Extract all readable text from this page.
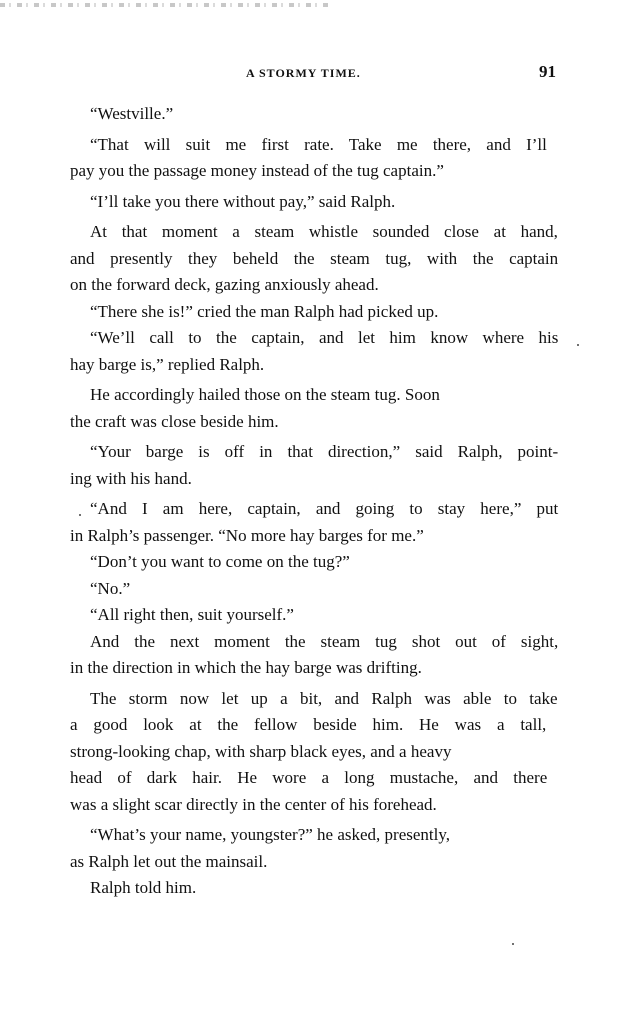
A STORMY TIME.	91

“Westville.”

“That will suit me first rate. Take me there, and I’ll
pay you the passage money instead of the tug captain.”

“I’ll take you there without pay,” said Ralph.

At that moment a steam whistle sounded close at hand,
and presently they beheld the steam tug, with the captain
on the forward deck, gazing anxiously ahead.

“There she is!” cried the man Ralph had picked up.

“We’ll call to the captain, and let him know where his
hay barge is,” replied Ralph.

He accordingly hailed those on the steam tug. Soon
the craft was close beside him.

“Your barge is off in that direction,” said Ralph, point-
ing with his hand.

“And I am here, captain, and going to stay here,” put
in Ralph’s passenger. “No more hay barges for me.”

“Don’t you want to come on the tug?”

“No.”

“All right then, suit yourself.”

And the next moment the steam tug shot out of sight,
in the direction in which the hay barge was drifting.

The storm now let up a bit, and Ralph was able to take
a good look at the fellow beside him. He was a tall,
strong-looking chap, with sharp black eyes, and a heavy
head of dark hair. He wore a long mustache, and there
was a slight scar directly in the center of his forehead.

“What’s your name, youngster?” he asked, presently,
as Ralph let out the mainsail.

Ralph told him.
